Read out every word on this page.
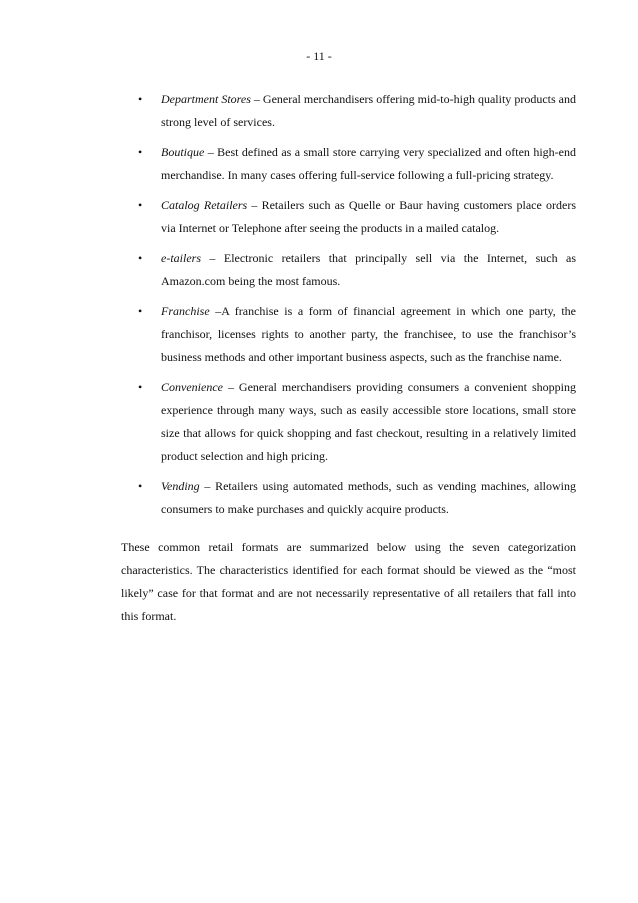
- 11 -
• Department Stores – General merchandisers offering mid-to-high quality products and strong level of services.
• Boutique – Best defined as a small store carrying very specialized and often high-end merchandise. In many cases offering full-service following a full-pricing strategy.
• Catalog Retailers – Retailers such as Quelle or Baur having customers place orders via Internet or Telephone after seeing the products in a mailed catalog.
• e-tailers – Electronic retailers that principally sell via the Internet, such as Amazon.com being the most famous.
• Franchise –A franchise is a form of financial agreement in which one party, the franchisor, licenses rights to another party, the franchisee, to use the franchisor’s business methods and other important business aspects, such as the franchise name.
• Convenience – General merchandisers providing consumers a convenient shopping experience through many ways, such as easily accessible store locations, small store size that allows for quick shopping and fast checkout, resulting in a relatively limited product selection and high pricing.
• Vending – Retailers using automated methods, such as vending machines, allowing consumers to make purchases and quickly acquire products.

These common retail formats are summarized below using the seven categorization characteristics. The characteristics identified for each format should be viewed as the “most likely” case for that format and are not necessarily representative of all retailers that fall into this format.
